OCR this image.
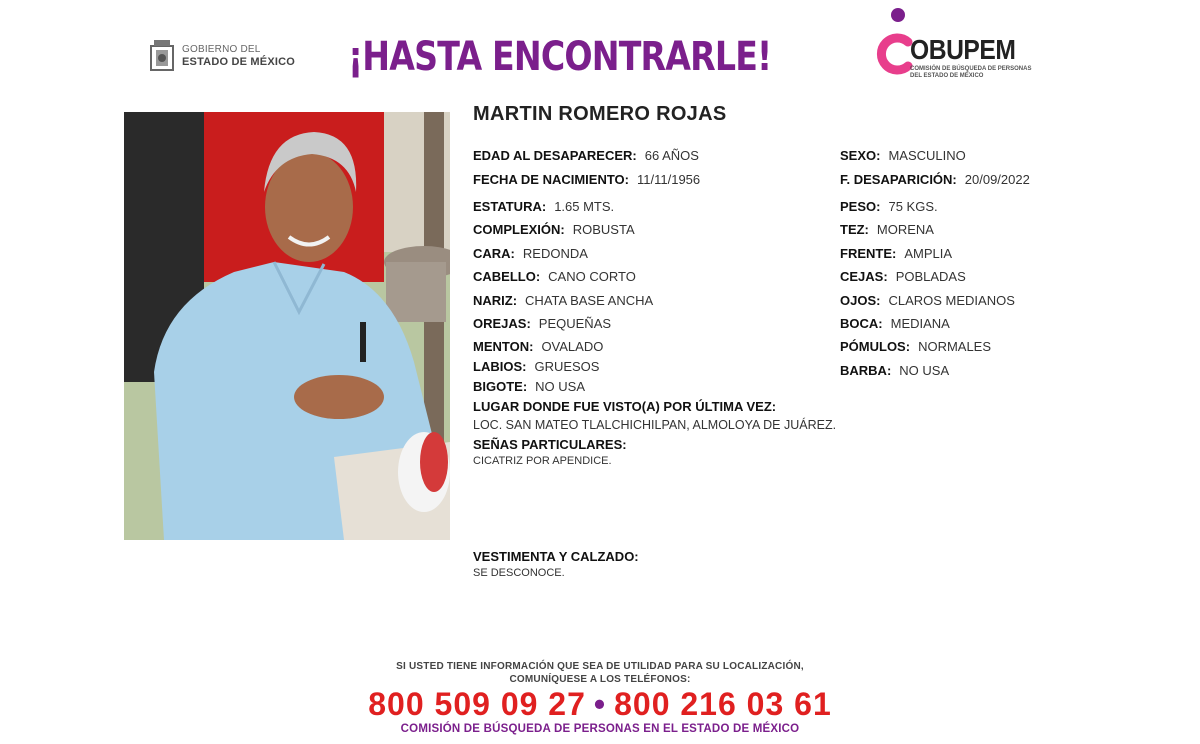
GOBIERNO DEL
ESTADO DE MÉXICO ¡HASTA ENCONTRARLE!	OBUPEM
COMISIÓN DE BÚSQUEDA DE PERSONAS DEL ESTADO DE MÉXICO
MARTIN ROMERO ROJAS
EDAD AL DESAPARECER: 66 AÑOS
FECHA DE NACIMIENTO: 11/11/1956
ESTATURA: 1.65 MTS.
COMPLEXIÓN: ROBUSTA
CARA: REDONDA
CABELLO: CANO CORTO
NARIZ: CHATA BASE ANCHA
OREJAS: PEQUEÑAS
MENTON: OVALADO
LABIOS: GRUESOS
BIGOTE: NO USA
SEXO: MASCULINO
F. DESAPARICIÓN: 20/09/2022
PESO: 75 KGS.
TEZ: MORENA
FRENTE: AMPLIA
CEJAS: POBLADAS
OJOS: CLAROS MEDIANOS
BOCA: MEDIANA
PÓMULOS: NORMALES
BARBA: NO USA
LUGAR DONDE FUE VISTO(A) POR ÚLTIMA VEZ:
LOC. SAN MATEO TLALCHICHILPAN, ALMOLOYA DE JUÁREZ.
SEÑAS PARTICULARES:
CICATRIZ POR APENDICE.
VESTIMENTA Y CALZADO:
SE DESCONOCE.
SI USTED TIENE INFORMACIÓN QUE SEA DE UTILIDAD PARA SU LOCALIZACIÓN,
COMUNÍQUESE A LOS TELÉFONOS:
800 509 09 27 • 800 216 03 61
COMISIÓN DE BÚSQUEDA DE PERSONAS EN EL ESTADO DE MÉXICO
